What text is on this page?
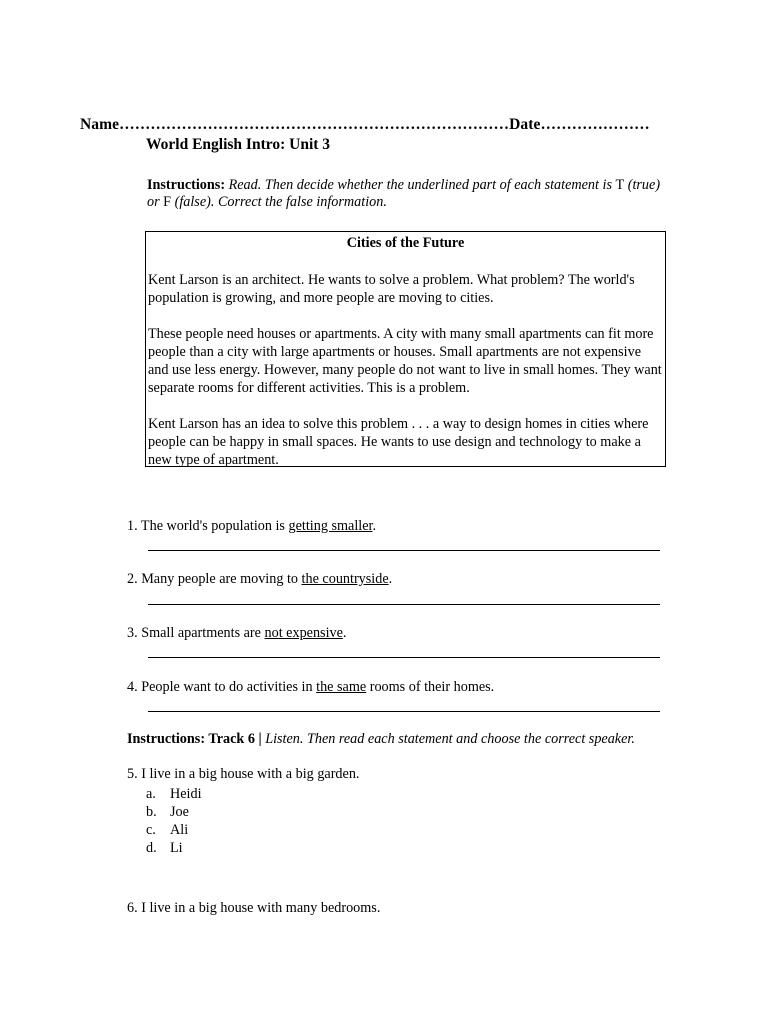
Name…………………………………………………………………Date…………………
World English Intro: Unit 3
Instructions: Read. Then decide whether the underlined part of each statement is T (true) or F (false). Correct the false information.
Cities of the Future

Kent Larson is an architect. He wants to solve a problem. What problem? The world's population is growing, and more people are moving to cities.

These people need houses or apartments. A city with many small apartments can fit more people than a city with large apartments or houses. Small apartments are not expensive and use less energy. However, many people do not want to live in small homes. They want separate rooms for different activities. This is a problem.

Kent Larson has an idea to solve this problem . . . a way to design homes in cities where people can be happy in small spaces. He wants to use design and technology to make a new type of apartment.

1. The world's population is getting smaller.
2. Many people are moving to the countryside.
3. Small apartments are not expensive.
4. People want to do activities in the same rooms of their homes.
Instructions: Track 6 | Listen. Then read each statement and choose the correct speaker.
5. I live in a big house with a big garden.
a. Heidi
b. Joe
c. Ali
d. Li
6. I live in a big house with many bedrooms.
